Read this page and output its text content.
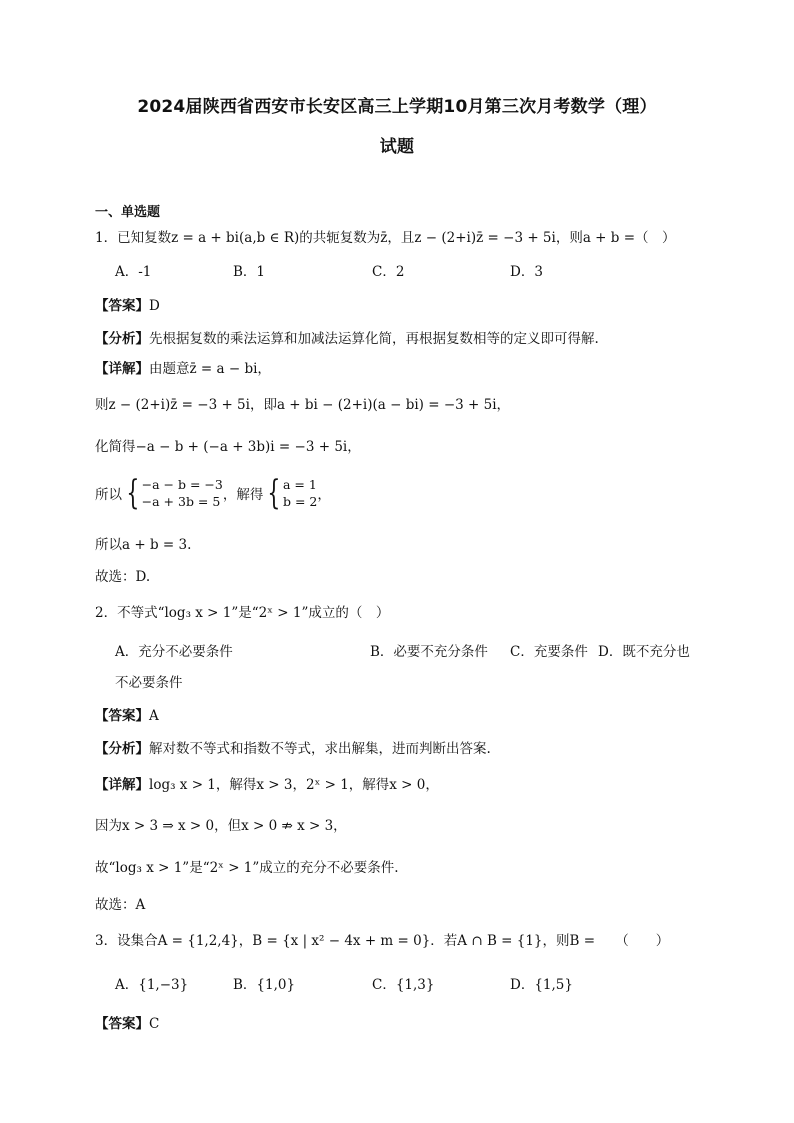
2024届陕西省西安市长安区高三上学期10月第三次月考数学（理）
试题
一、单选题
1．已知复数z = a + bi(a,b ∈ R)的共轭复数为z̄，且z − (2+i)z̄ = −3 + 5i，则a + b =（　）
A．-1	B．1	C．2	D．3
【答案】D
【分析】先根据复数的乘法运算和加减法运算化简，再根据复数相等的定义即可得解.
【详解】由题意z̄ = a − bi，
则z − (2+i)z̄ = −3 + 5i，即a + bi − (2+i)(a − bi) = −3 + 5i，
化简得−a − b + (−a + 3b)i = −3 + 5i，
所以 { −a − b = −3
−a + 3b = 5 ，解得 { a = 1
b = 2 ，
所以a + b = 3.
故选：D.
2．不等式“log₃ x > 1”是“2ˣ > 1”成立的（　）
A．充分不必要条件	B．必要不充分条件 C．充要条件 D．既不充分也
不必要条件
【答案】A
【分析】解对数不等式和指数不等式，求出解集，进而判断出答案.
【详解】log₃ x > 1，解得x > 3，2ˣ > 1，解得x > 0，
因为x > 3 ⇒ x > 0，但x > 0 ⇏ x > 3，
故“log₃ x > 1”是“2ˣ > 1”成立的充分不必要条件.
故选：A
3．设集合A = {1,2,4}，B = {x | x² − 4x + m = 0}．若A ∩ B = {1}，则B =　　（　　）
A．{1,−3}	B．{1,0}	C．{1,3}	D．{1,5}
【答案】C
